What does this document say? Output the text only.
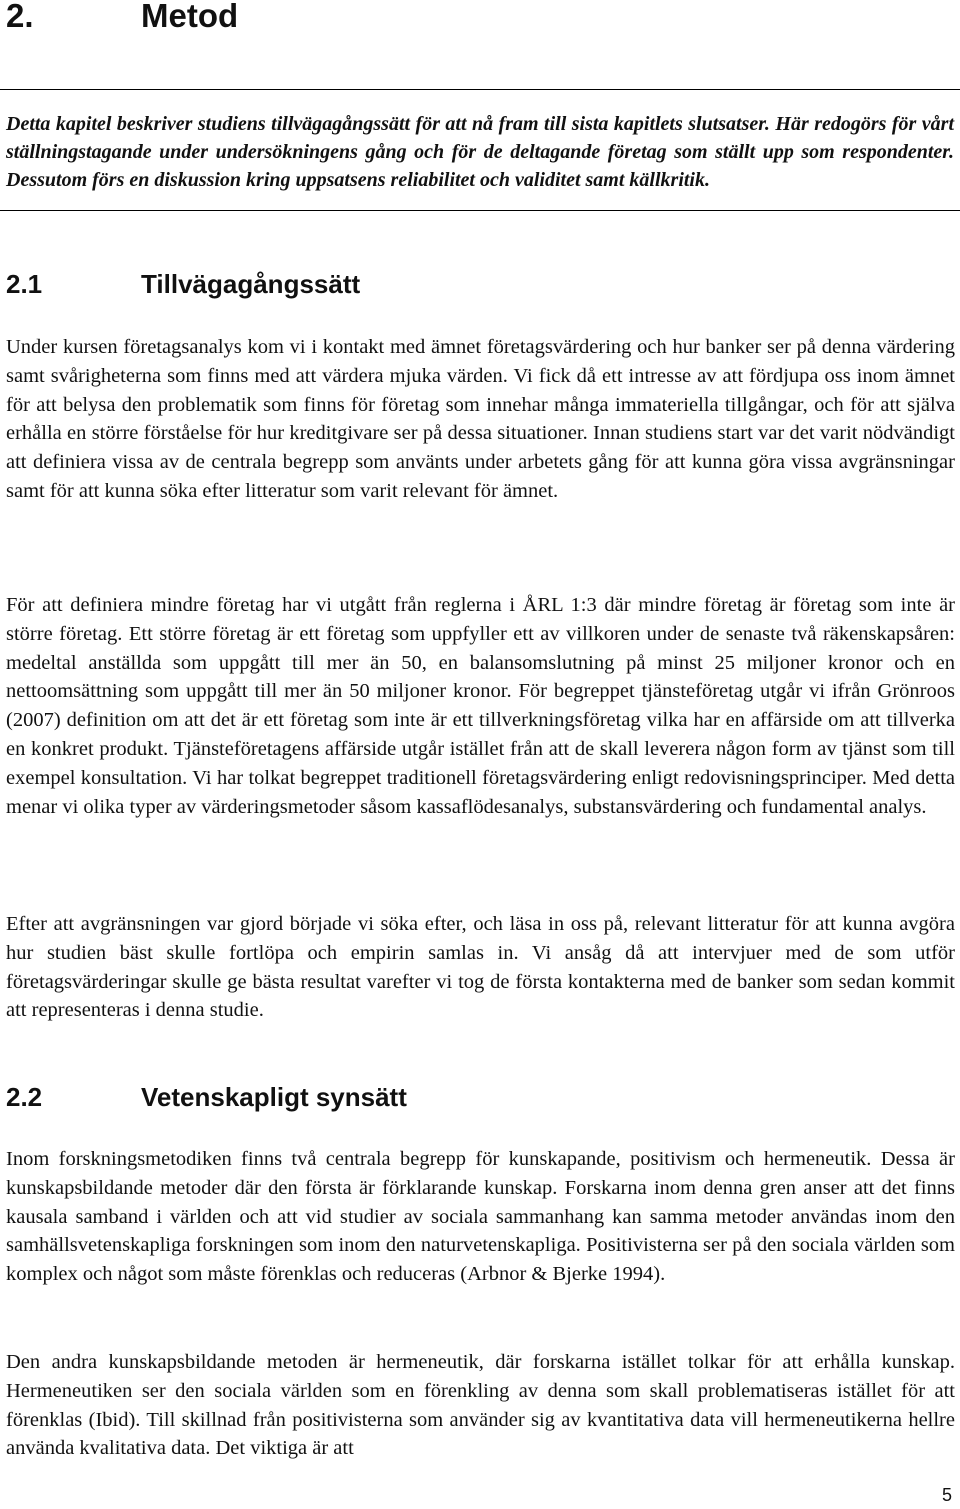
2.	Metod

Detta kapitel beskriver studiens tillvägagångssätt för att nå fram till sista kapitlets slutsatser. Här redogörs för vårt ställningstagande under undersökningens gång och för de deltagande företag som ställt upp som respondenter. Dessutom förs en diskussion kring uppsatsens reliabilitet och validitet samt källkritik.

2.1	Tillvägagångssätt

Under kursen företagsanalys kom vi i kontakt med ämnet företagsvärdering och hur banker ser på denna värdering samt svårigheterna som finns med att värdera mjuka värden. Vi fick då ett intresse av att fördjupa oss inom ämnet för att belysa den problematik som finns för företag som innehar många immateriella tillgångar, och för att själva erhålla en större förståelse för hur kreditgivare ser på dessa situationer. Innan studiens start var det varit nödvändigt att definiera vissa av de centrala begrepp som använts under arbetets gång för att kunna göra vissa avgränsningar samt för att kunna söka efter litteratur som varit relevant för ämnet.

För att definiera mindre företag har vi utgått från reglerna i ÅRL 1:3 där mindre företag är företag som inte är större företag. Ett större företag är ett företag som uppfyller ett av villkoren under de senaste två räkenskapsåren: medeltal anställda som uppgått till mer än 50, en balansomslutning på minst 25 miljoner kronor och en nettoomsättning som uppgått till mer än 50 miljoner kronor. För begreppet tjänsteföretag utgår vi ifrån Grönroos (2007) definition om att det är ett företag som inte är ett tillverkningsföretag vilka har en affärside om att tillverka en konkret produkt. Tjänsteföretagens affärside utgår istället från att de skall leverera någon form av tjänst som till exempel konsultation. Vi har tolkat begreppet traditionell företagsvärdering enligt redovisningsprinciper. Med detta menar vi olika typer av värderingsmetoder såsom kassaflödesanalys, substansvärdering och fundamental analys.

Efter att avgränsningen var gjord började vi söka efter, och läsa in oss på, relevant litteratur för att kunna avgöra hur studien bäst skulle fortlöpa och empirin samlas in. Vi ansåg då att intervjuer med de som utför företagsvärderingar skulle ge bästa resultat varefter vi tog de första kontakterna med de banker som sedan kommit att representeras i denna studie.

2.2	Vetenskapligt synsätt

Inom forskningsmetodiken finns två centrala begrepp för kunskapande, positivism och hermeneutik. Dessa är kunskapsbildande metoder där den första är förklarande kunskap. Forskarna inom denna gren anser att det finns kausala samband i världen och att vid studier av sociala sammanhang kan samma metoder användas inom den samhällsvetenskapliga forskningen som inom den naturvetenskapliga. Positivisterna ser på den sociala världen som komplex och något som måste förenklas och reduceras (Arbnor & Bjerke 1994).

Den andra kunskapsbildande metoden är hermeneutik, där forskarna istället tolkar för att erhålla kunskap. Hermeneutiken ser den sociala världen som en förenkling av denna som skall problematiseras istället för att förenklas (Ibid). Till skillnad från positivisterna som använder sig av kvantitativa data vill hermeneutikerna hellre använda kvalitativa data. Det viktiga är att

5
